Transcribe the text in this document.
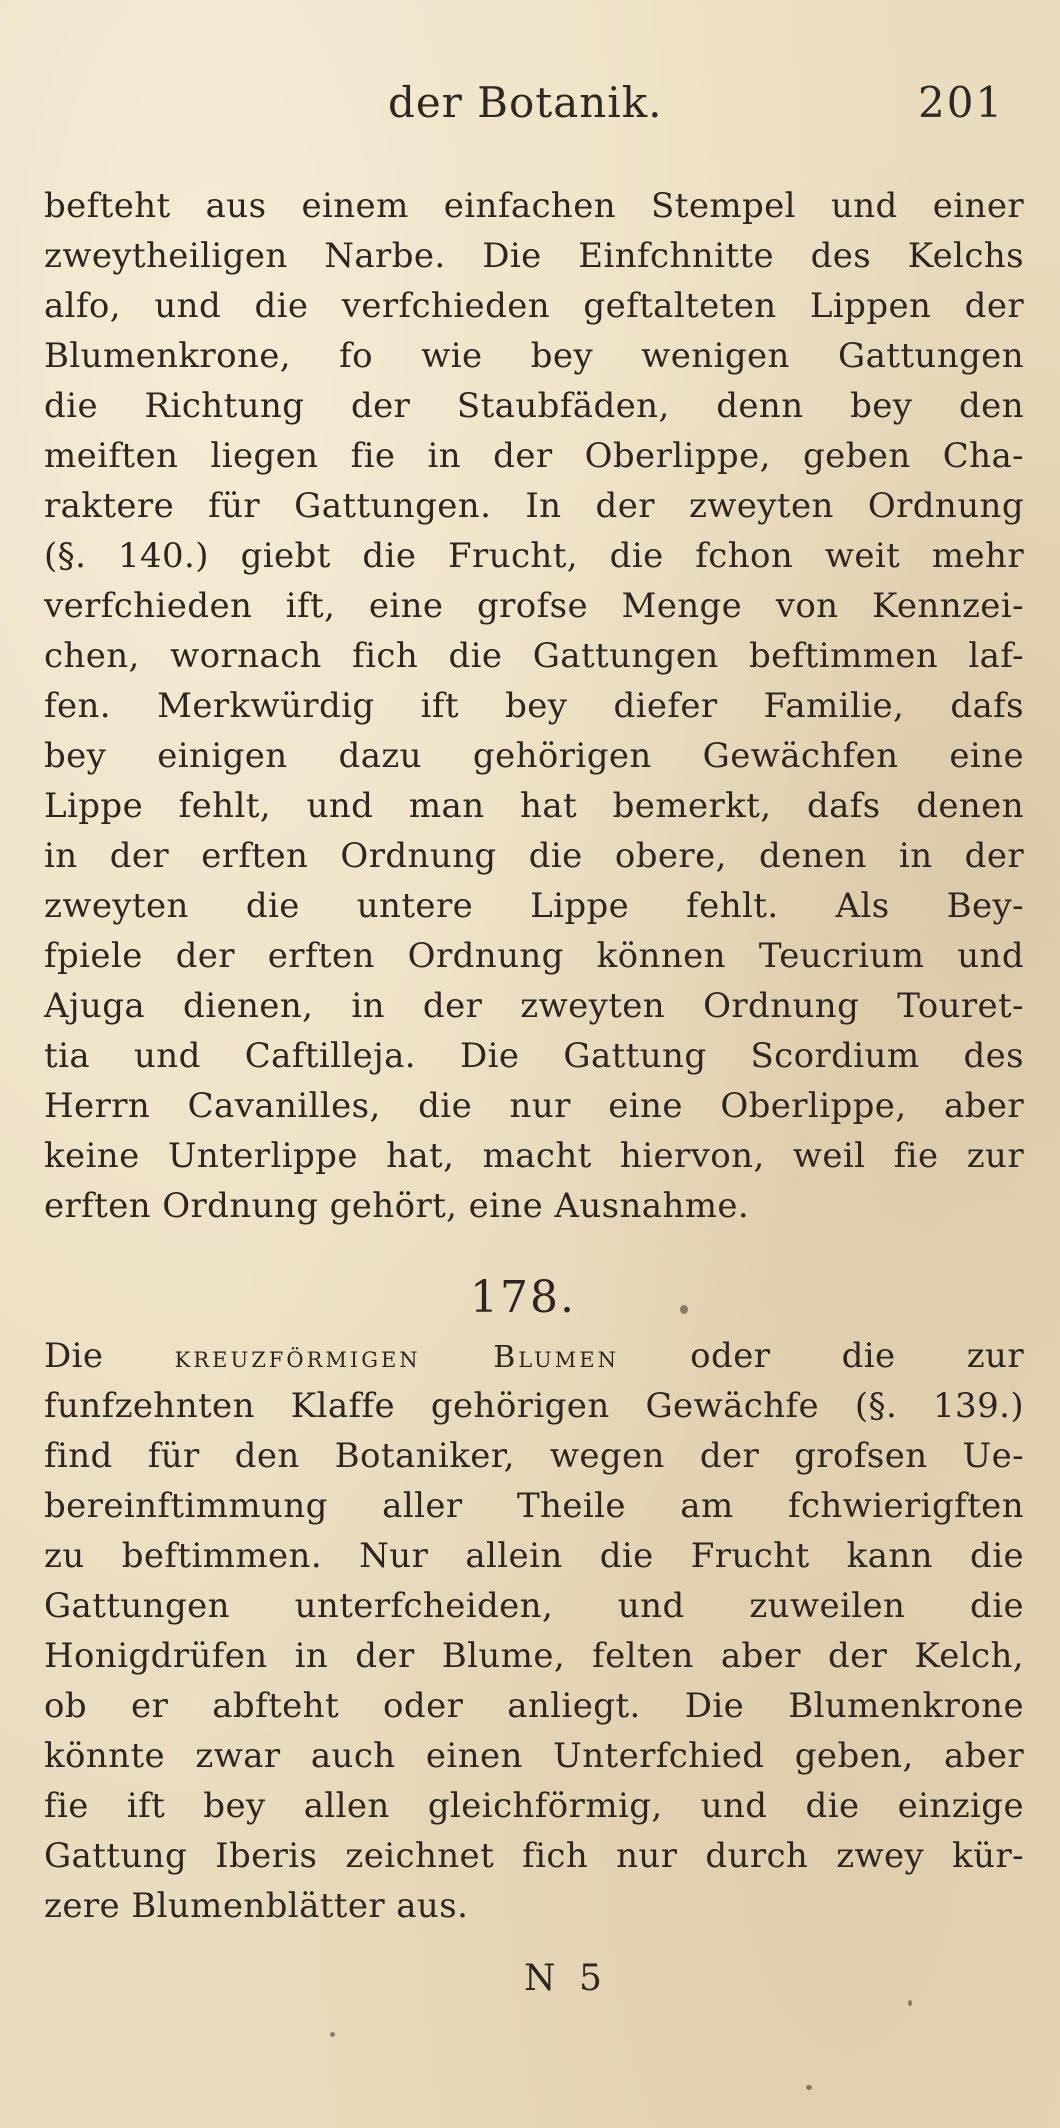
der Botanik.	201
befteht aus einem einfachen Stempel und einer
zweytheiligen Narbe. Die Einfchnitte des Kelchs
alfo, und die verfchieden geftalteten Lippen der
Blumenkrone, fo wie bey wenigen Gattungen
die Richtung der Staubfäden, denn bey den
meiften liegen fie in der Oberlippe, geben Cha-
raktere für Gattungen. In der zweyten Ordnung
(§. 140.) giebt die Frucht, die fchon weit mehr
verfchieden ift, eine grofse Menge von Kennzei-
chen, wornach fich die Gattungen beftimmen laf-
fen. Merkwürdig ift bey diefer Familie, dafs
bey einigen dazu gehörigen Gewächfen eine
Lippe fehlt, und man hat bemerkt, dafs denen
in der erften Ordnung die obere, denen in der
zweyten die untere Lippe fehlt. Als Bey-
fpiele der erften Ordnung können Teucrium und
Ajuga dienen, in der zweyten Ordnung Touret-
tia und Caftilleja. Die Gattung Scordium des
Herrn Cavanilles, die nur eine Oberlippe, aber
keine Unterlippe hat, macht hiervon, weil fie zur
erften Ordnung gehört, eine Ausnahme.
178.
Die kreuzförmigen Blumen oder die zur
funfzehnten Klaffe gehörigen Gewächfe (§. 139.)
find für den Botaniker, wegen der grofsen Ue-
bereinftimmung aller Theile am fchwierigften
zu beftimmen. Nur allein die Frucht kann die
Gattungen unterfcheiden, und zuweilen die
Honigdrüfen in der Blume, felten aber der Kelch,
ob er abfteht oder anliegt. Die Blumenkrone
könnte zwar auch einen Unterfchied geben, aber
fie ift bey allen gleichförmig, und die einzige
Gattung Iberis zeichnet fich nur durch zwey kür-
zere Blumenblätter aus.
N 5
